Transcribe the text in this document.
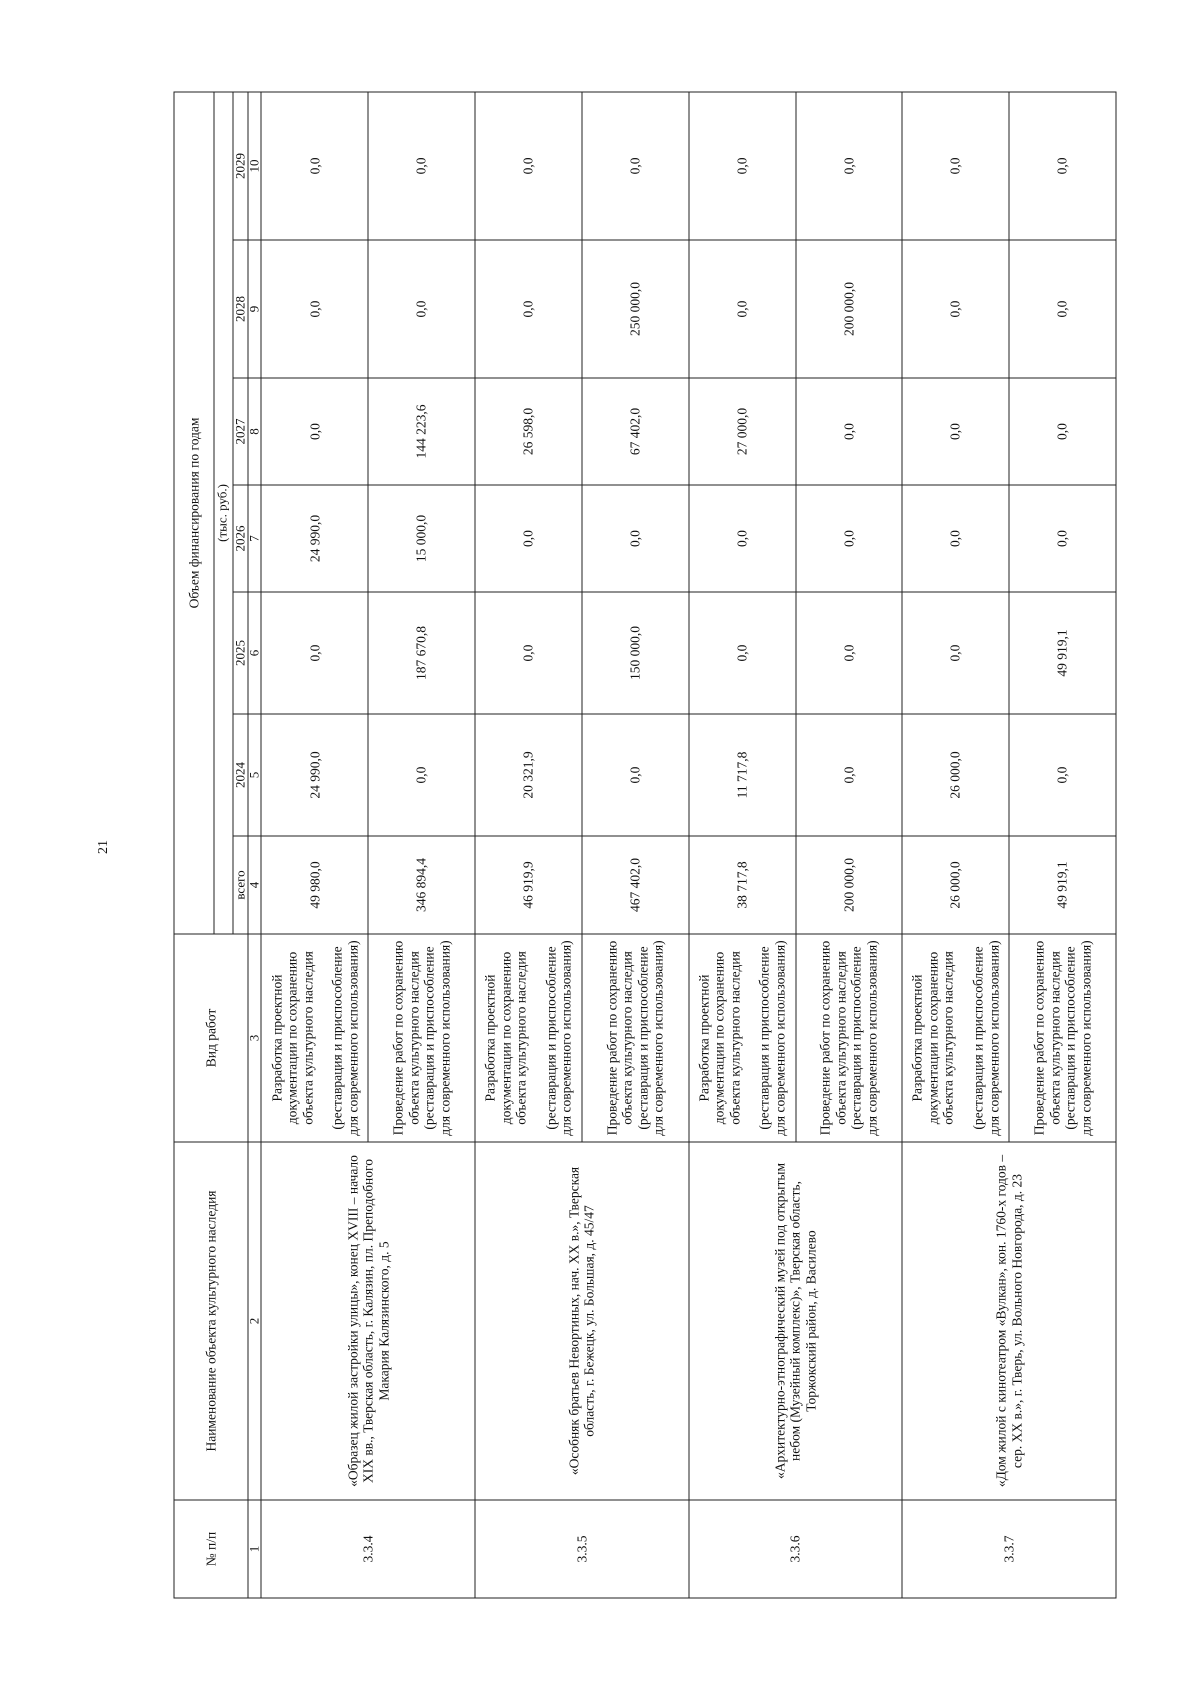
21
№ п/п	Наименование объекта культурного наследия	Вид работ	Объем финансирования по годам						
			(тыс. руб.)						
			всего	2024	2025	2026	2027	2028	2029
1	2	3	4	5	6	7	8	9	10
3.3.4	«Образец жилой застройки улицы», конец XVIII – начало XIX вв., Тверская область, г. Калязин, пл. Преподобного Макария Калязинского, д. 5	Разработка проектной документации по сохранению объекта культурного наследия (реставрация и приспособление для современного использования)	49 980,0	24 990,0	0,0	24 990,0	0,0	0,0	0,0

		Проведение работ по сохранению объекта культурного наследия (реставрация и приспособление для современного использования)	346 894,4	0,0	187 670,8	15 000,0	144 223,6	0,0	0,0
3.3.5	«Особняк братьев Невортиных, нач. XX в.», Тверская область, г. Бежецк, ул. Большая, д. 45/47	Разработка проектной документации по сохранению объекта культурного наследия (реставрация и приспособление для современного использования)	46 919,9	20 321,9	0,0	0,0	26 598,0	0,0	0,0

		Проведение работ по сохранению объекта культурного наследия (реставрация и приспособление для современного использования)	467 402,0	0,0	150 000,0	0,0	67 402,0	250 000,0	0,0
3.3.6	«Архитектурно-этнографический музей под открытым небом (Музейный комплекс)», Тверская область, Торжокский район, д. Василево	Разработка проектной документации по сохранению объекта культурного наследия (реставрация и приспособление для современного использования)	38 717,8	11 717,8	0,0	0,0	27 000,0	0,0	0,0

		Проведение работ по сохранению объекта культурного наследия (реставрация и приспособление для современного использования)	200 000,0	0,0	0,0	0,0	0,0	200 000,0	0,0
3.3.7	«Дом жилой с кинотеатром «Вулкан», кон. 1760-х годов – сер. XX в.», г. Тверь, ул. Вольного Новгорода, д. 23	Разработка проектной документации по сохранению объекта культурного наследия (реставрация и приспособление для современного использования)	26 000,0	26 000,0	0,0	0,0	0,0	0,0	0,0

		Проведение работ по сохранению объекта культурного наследия (реставрация и приспособление для современного использования)	49 919,1	0,0	49 919,1	0,0	0,0	0,0	0,0
